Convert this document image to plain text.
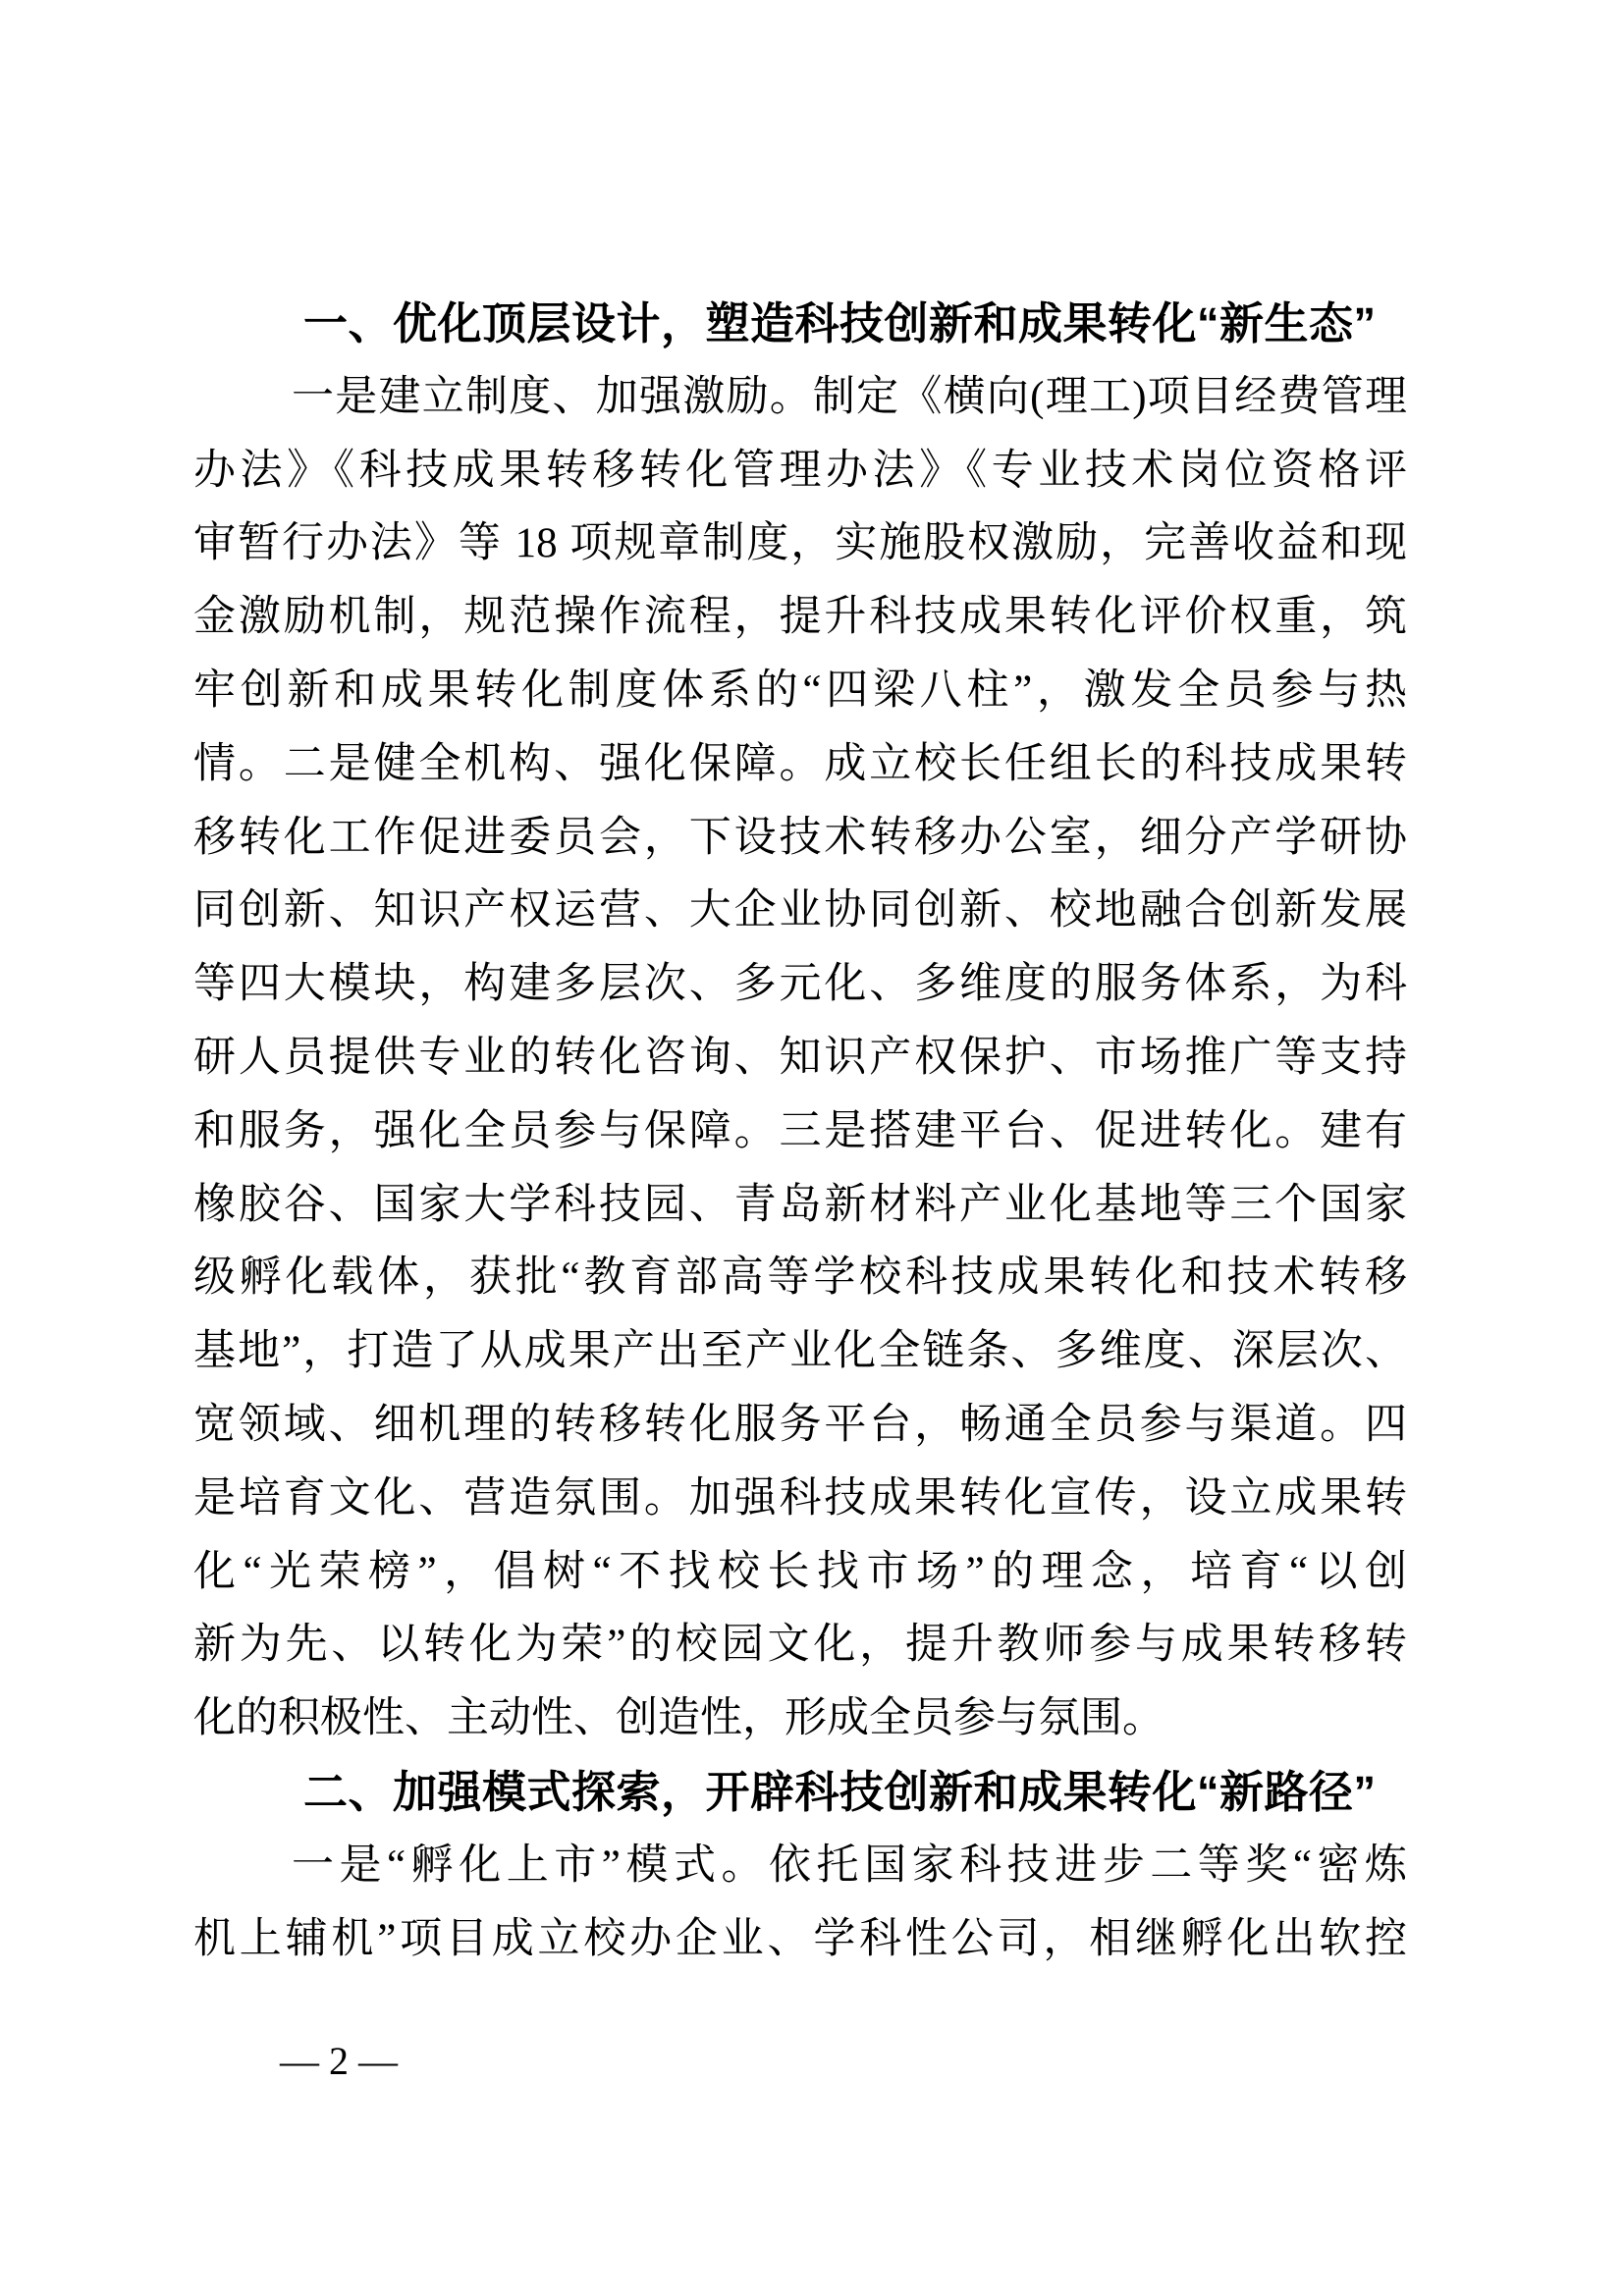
一、优化顶层设计，塑造科技创新和成果转化“新生态”
一是建立制度、加强激励。制定《横向(理工)项目经费管理
办法》《科技成果转移转化管理办法》《专业技术岗位资格评
审暂行办法》等 18 项规章制度，实施股权激励，完善收益和现
金激励机制，规范操作流程，提升科技成果转化评价权重，筑
牢创新和成果转化制度体系的“四梁八柱”，激发全员参与热
情。二是健全机构、强化保障。成立校长任组长的科技成果转
移转化工作促进委员会，下设技术转移办公室，细分产学研协
同创新、知识产权运营、大企业协同创新、校地融合创新发展
等四大模块，构建多层次、多元化、多维度的服务体系，为科
研人员提供专业的转化咨询、知识产权保护、市场推广等支持
和服务，强化全员参与保障。三是搭建平台、促进转化。建有
橡胶谷、国家大学科技园、青岛新材料产业化基地等三个国家
级孵化载体，获批“教育部高等学校科技成果转化和技术转移
基地”，打造了从成果产出至产业化全链条、多维度、深层次、
宽领域、细机理的转移转化服务平台，畅通全员参与渠道。四
是培育文化、营造氛围。加强科技成果转化宣传，设立成果转
化“光荣榜”，倡树“不找校长找市场”的理念，培育“以创
新为先、以转化为荣”的校园文化，提升教师参与成果转移转
化的积极性、主动性、创造性，形成全员参与氛围。
二、加强模式探索，开辟科技创新和成果转化“新路径”
一是“孵化上市”模式。依托国家科技进步二等奖“密炼
机上辅机”项目成立校办企业、学科性公司，相继孵化出软控
— 2 —
